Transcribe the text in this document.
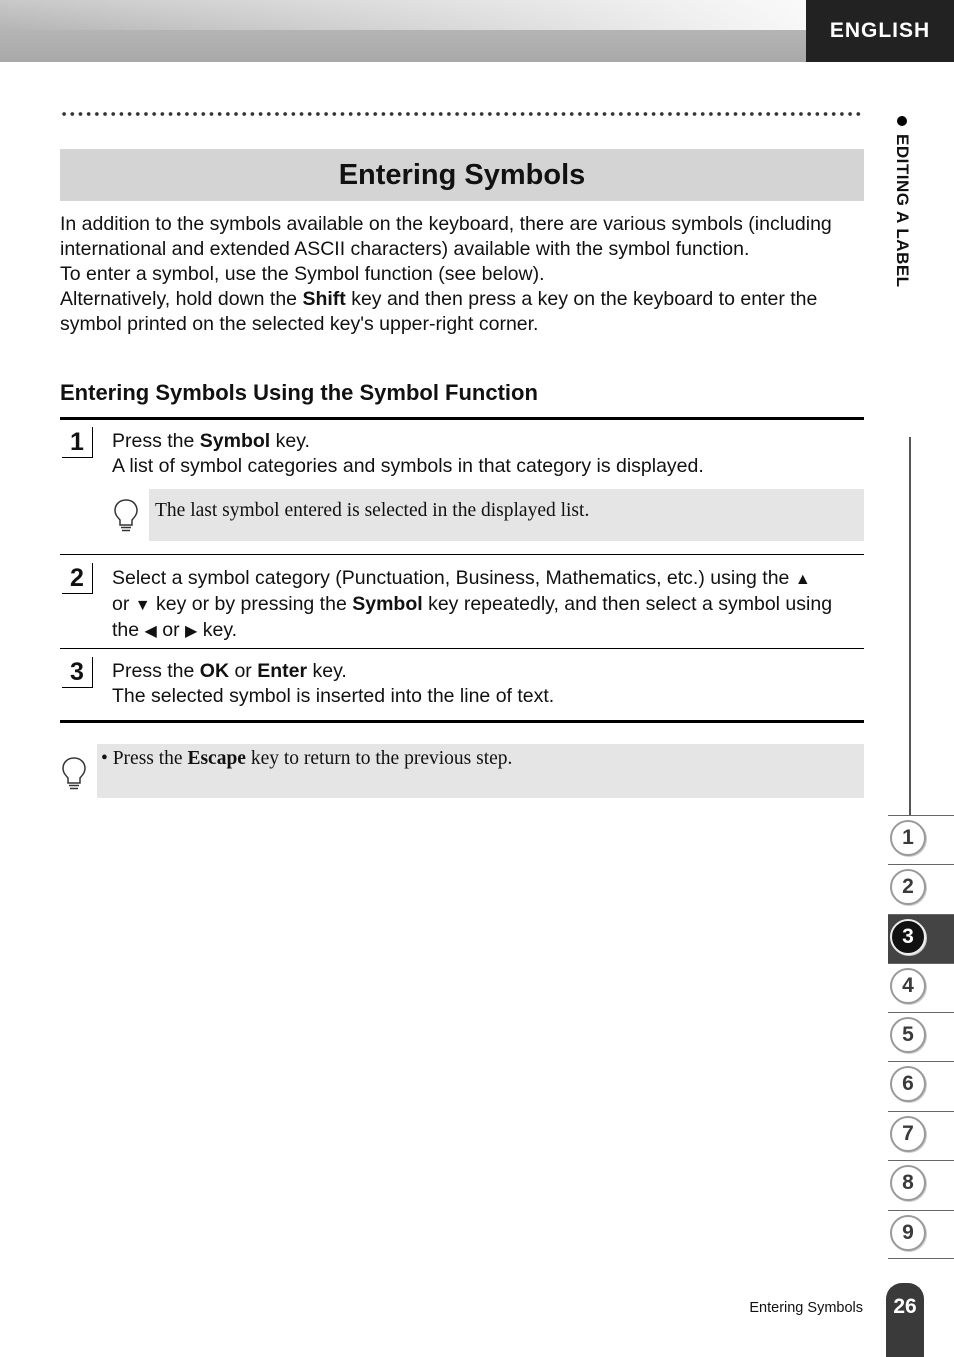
ENGLISH
Entering Symbols

In addition to the symbols available on the keyboard, there are various symbols (including international and extended ASCII characters) available with the symbol function.

To enter a symbol, use the Symbol function (see below).

Alternatively, hold down the Shift key and then press a key on the keyboard to enter the symbol printed on the selected key's upper-right corner.

Entering Symbols Using the Symbol Function
1	Press the Symbol key.
A list of symbol categories and symbols in that category is displayed.
The last symbol entered is selected in the displayed list.
2	Select a symbol category (Punctuation, Business, Mathematics, etc.) using the ▲
or ▼ key or by pressing the Symbol key repeatedly, and then select a symbol using the ◀ or ▶ key.
3	Press the OK or Enter key.
The selected symbol is inserted into the line of text.
• Press the Escape key to return to the previous step.
EDITING A LABEL
1
2
3
4
5
6
7
8
9
Entering Symbols	26
